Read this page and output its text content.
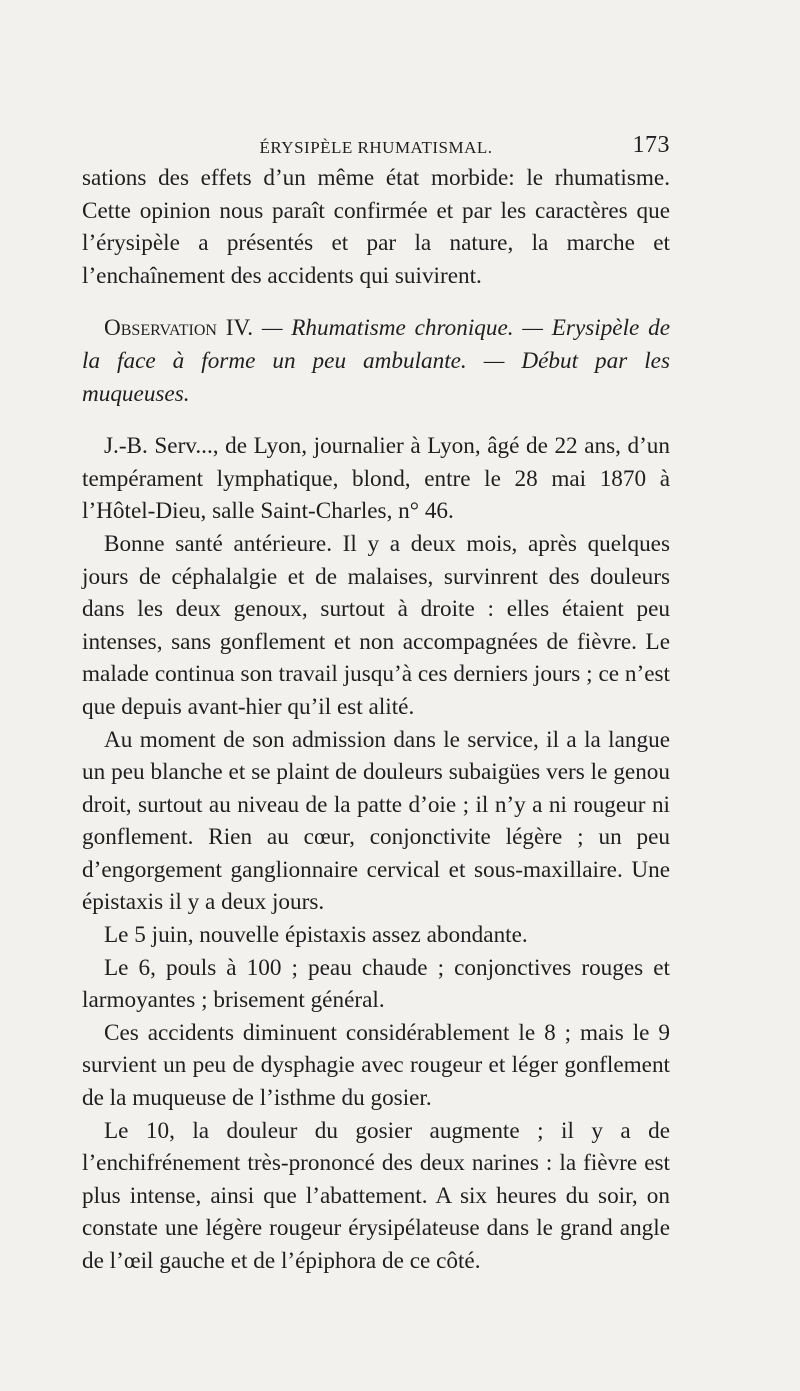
ÉRYSIPÈLE RHUMATISMAL.	173

sations des effets d’un même état morbide: le rhumatisme. Cette opinion nous paraît confirmée et par les caractères que l’érysipèle a présentés et par la nature, la marche et l’enchaînement des accidents qui suivirent.

Observation IV. — Rhumatisme chronique. — Erysipèle de la face à forme un peu ambulante. — Début par les muqueuses.

J.-B. Serv..., de Lyon, journalier à Lyon, âgé de 22 ans, d’un tempérament lymphatique, blond, entre le 28 mai 1870 à l’Hôtel-Dieu, salle Saint-Charles, n° 46.

Bonne santé antérieure. Il y a deux mois, après quelques jours de céphalalgie et de malaises, survinrent des douleurs dans les deux genoux, surtout à droite : elles étaient peu intenses, sans gonflement et non accompagnées de fièvre. Le malade continua son travail jusqu’à ces derniers jours ; ce n’est que depuis avant-hier qu’il est alité.

Au moment de son admission dans le service, il a la langue un peu blanche et se plaint de douleurs subaigües vers le genou droit, surtout au niveau de la patte d’oie ; il n’y a ni rougeur ni gonflement. Rien au cœur, conjonctivite légère ; un peu d’engorgement ganglionnaire cervical et sous-maxillaire. Une épistaxis il y a deux jours.

Le 5 juin, nouvelle épistaxis assez abondante.

Le 6, pouls à 100 ; peau chaude ; conjonctives rouges et larmoyantes ; brisement général.

Ces accidents diminuent considérablement le 8 ; mais le 9 survient un peu de dysphagie avec rougeur et léger gonflement de la muqueuse de l’isthme du gosier.

Le 10, la douleur du gosier augmente ; il y a de l’enchifrénement très-prononcé des deux narines : la fièvre est plus intense, ainsi que l’abattement. A six heures du soir, on constate une légère rougeur érysipélateuse dans le grand angle de l’œil gauche et de l’épiphora de ce côté.
